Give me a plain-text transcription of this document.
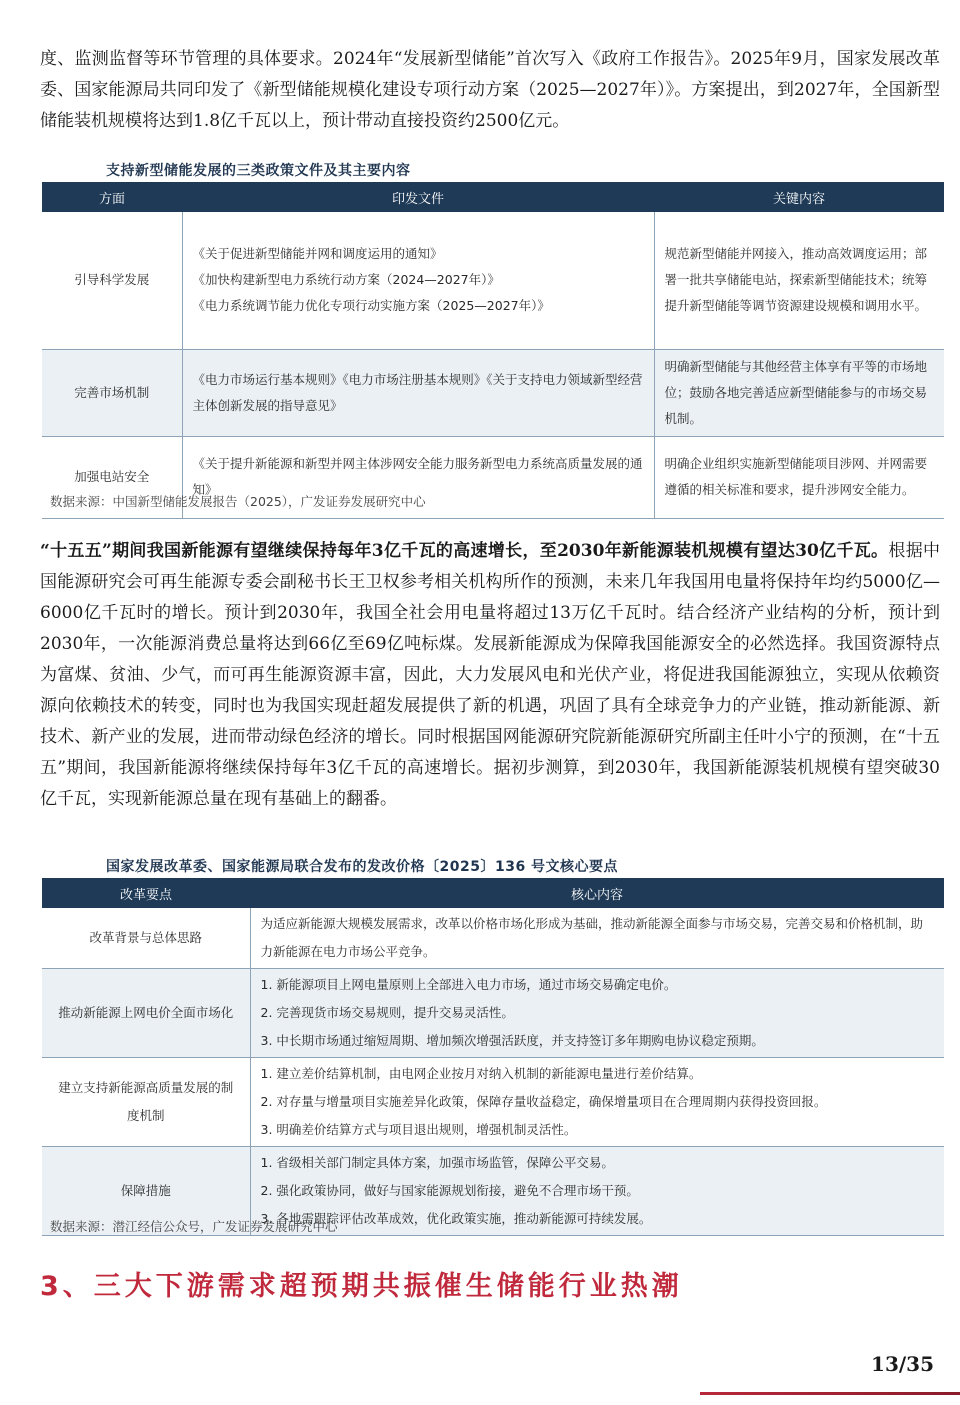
度、监测监督等环节管理的具体要求。2024年“发展新型储能”首次写入《政府工作报告》。2025年9月，国家发展改革委、国家能源局共同印发了《新型储能规模化建设专项行动方案（2025—2027年）》。方案提出，到2027年，全国新型储能装机规模将达到1.8亿千瓦以上，预计带动直接投资约2500亿元。

支持新型储能发展的三类政策文件及其主要内容
方面	印发文件	关键内容
引导科学发展	《关于促进新型储能并网和调度运用的通知》
《加快构建新型电力系统行动方案（2024—2027年）》
《电力系统调节能力优化专项行动实施方案（2025—2027年）》	规范新型储能并网接入，推动高效调度运用；部署一批共享储能电站，探索新型储能技术；统筹提升新型储能等调节资源建设规模和调用水平。
完善市场机制	《电力市场运行基本规则》《电力市场注册基本规则》《关于支持电力领域新型经营主体创新发展的指导意见》	明确新型储能与其他经营主体享有平等的市场地位；鼓励各地完善适应新型储能参与的市场交易机制。
加强电站安全	《关于提升新能源和新型并网主体涉网安全能力服务新型电力系统高质量发展的通知》	明确企业组织实施新型储能项目涉网、并网需要遵循的相关标准和要求，提升涉网安全能力。
数据来源：中国新型储能发展报告（2025），广发证券发展研究中心

“十五五”期间我国新能源有望继续保持每年3亿千瓦的高速增长，至2030年新能源装机规模有望达30亿千瓦。根据中国能源研究会可再生能源专委会副秘书长王卫权参考相关机构所作的预测，未来几年我国用电量将保持年均约5000亿—6000亿千瓦时的增长。预计到2030年，我国全社会用电量将超过13万亿千瓦时。结合经济产业结构的分析，预计到2030年，一次能源消费总量将达到66亿至69亿吨标煤。发展新能源成为保障我国能源安全的必然选择。我国资源特点为富煤、贫油、少气，而可再生能源资源丰富，因此，大力发展风电和光伏产业，将促进我国能源独立，实现从依赖资源向依赖技术的转变，同时也为我国实现赶超发展提供了新的机遇，巩固了具有全球竞争力的产业链，推动新能源、新技术、新产业的发展，进而带动绿色经济的增长。同时根据国网能源研究院新能源研究所副主任叶小宁的预测，在“十五五”期间，我国新能源将继续保持每年3亿千瓦的高速增长。据初步测算，到2030年，我国新能源装机规模有望突破30亿千瓦，实现新能源总量在现有基础上的翻番。

国家发展改革委、国家能源局联合发布的发改价格〔2025〕136 号文核心要点
改革要点	核心内容
改革背景与总体思路	为适应新能源大规模发展需求，改革以价格市场化形成为基础，推动新能源全面参与市场交易，完善交易和价格机制，助力新能源在电力市场公平竞争。

推动新能源上网电价全面市场化	1. 新能源项目上网电量原则上全部进入电力市场，通过市场交易确定电价。
2. 完善现货市场交易规则，提升交易灵活性。
3. 中长期市场通过缩短周期、增加频次增强活跃度，并支持签订多年期购电协议稳定预期。

建立支持新能源高质量发展的制度机制	1. 建立差价结算机制，由电网企业按月对纳入机制的新能源电量进行差价结算。
2. 对存量与增量项目实施差异化政策，保障存量收益稳定，确保增量项目在合理周期内获得投资回报。
3. 明确差价结算方式与项目退出规则，增强机制灵活性。

保障措施	1. 省级相关部门制定具体方案，加强市场监管，保障公平交易。
2. 强化政策协同，做好与国家能源规划衔接，避免不合理市场干预。
3. 各地需跟踪评估改革成效，优化政策实施，推动新能源可持续发展。
数据来源：潜江经信公众号，广发证券发展研究中心
3、三大下游需求超预期共振催生储能行业热潮
13/35
